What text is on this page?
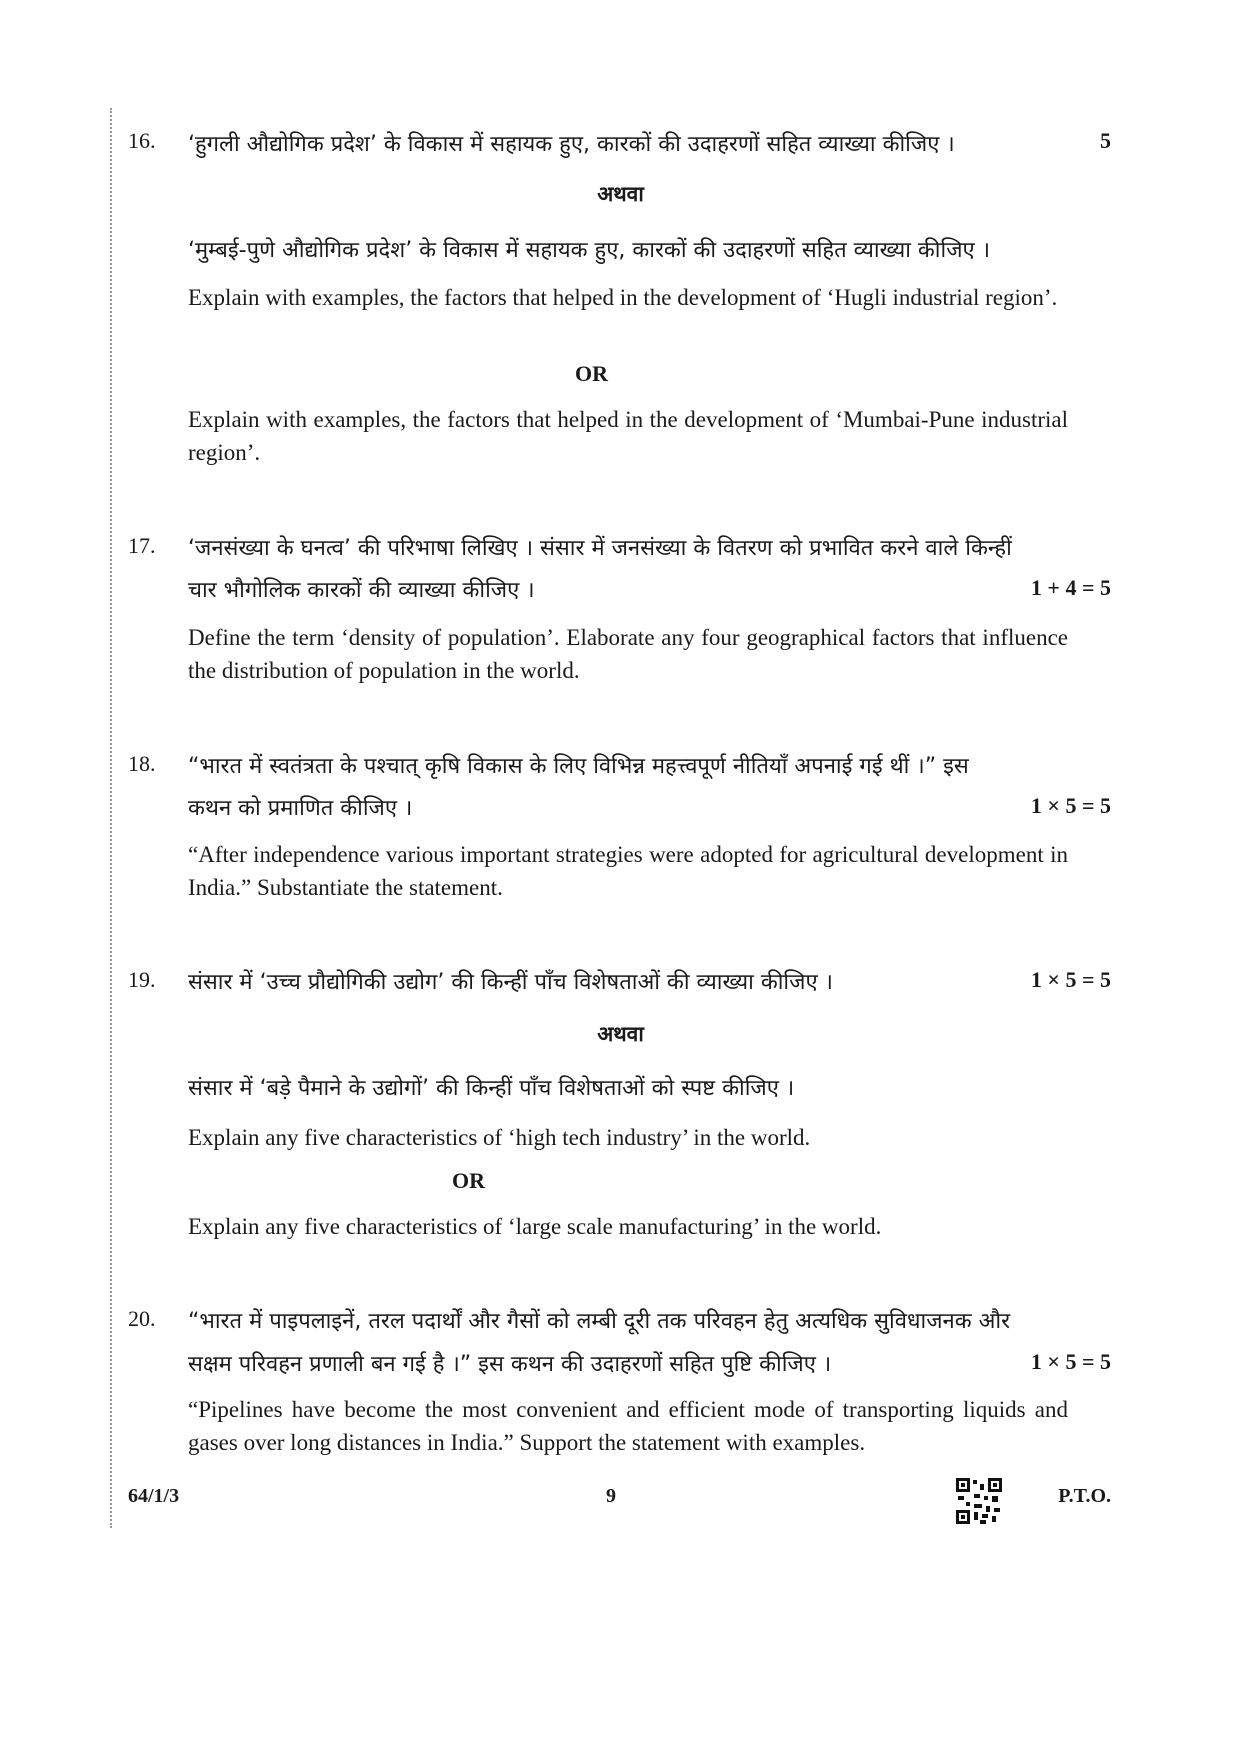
16. ‘हुगली औद्योगिक प्रदेश’ के विकास में सहायक हुए, कारकों की उदाहरणों सहित व्याख्या कीजिए ।	5
अथवा
‘मुम्बई-पुणे औद्योगिक प्रदेश’ के विकास में सहायक हुए, कारकों की उदाहरणों सहित व्याख्या कीजिए ।
Explain with examples, the factors that helped in the development of ‘Hugli industrial region’.
OR
Explain with examples, the factors that helped in the development of ‘Mumbai-Pune industrial region’.
17. ‘जनसंख्या के घनत्व’ की परिभाषा लिखिए । संसार में जनसंख्या के वितरण को प्रभावित करने वाले किन्हीं
चार भौगोलिक कारकों की व्याख्या कीजिए ।	1 + 4 = 5
Define the term ‘density of population’. Elaborate any four geographical factors that influence the distribution of population in the world.
18. “भारत में स्वतंत्रता के पश्चात् कृषि विकास के लिए विभिन्न महत्त्वपूर्ण नीतियाँ अपनाई गई थीं ।” इस
कथन को प्रमाणित कीजिए ।	1 × 5 = 5
“After independence various important strategies were adopted for agricultural development in India.” Substantiate the statement.
19. संसार में ‘उच्च प्रौद्योगिकी उद्योग’ की किन्हीं पाँच विशेषताओं की व्याख्या कीजिए ।	1 × 5 = 5
अथवा
संसार में ‘बड़े पैमाने के उद्योगों’ की किन्हीं पाँच विशेषताओं को स्पष्ट कीजिए ।
Explain any five characteristics of ‘high tech industry’ in the world.
OR
Explain any five characteristics of ‘large scale manufacturing’ in the world.
20. “भारत में पाइपलाइनें, तरल पदार्थों और गैसों को लम्बी दूरी तक परिवहन हेतु अत्यधिक सुविधाजनक और
सक्षम परिवहन प्रणाली बन गई है ।” इस कथन की उदाहरणों सहित पुष्टि कीजिए ।	1 × 5 = 5
“Pipelines have become the most convenient and efficient mode of transporting liquids and gases over long distances in India.” Support the statement with examples.
64/1/3	9	P.T.O.
